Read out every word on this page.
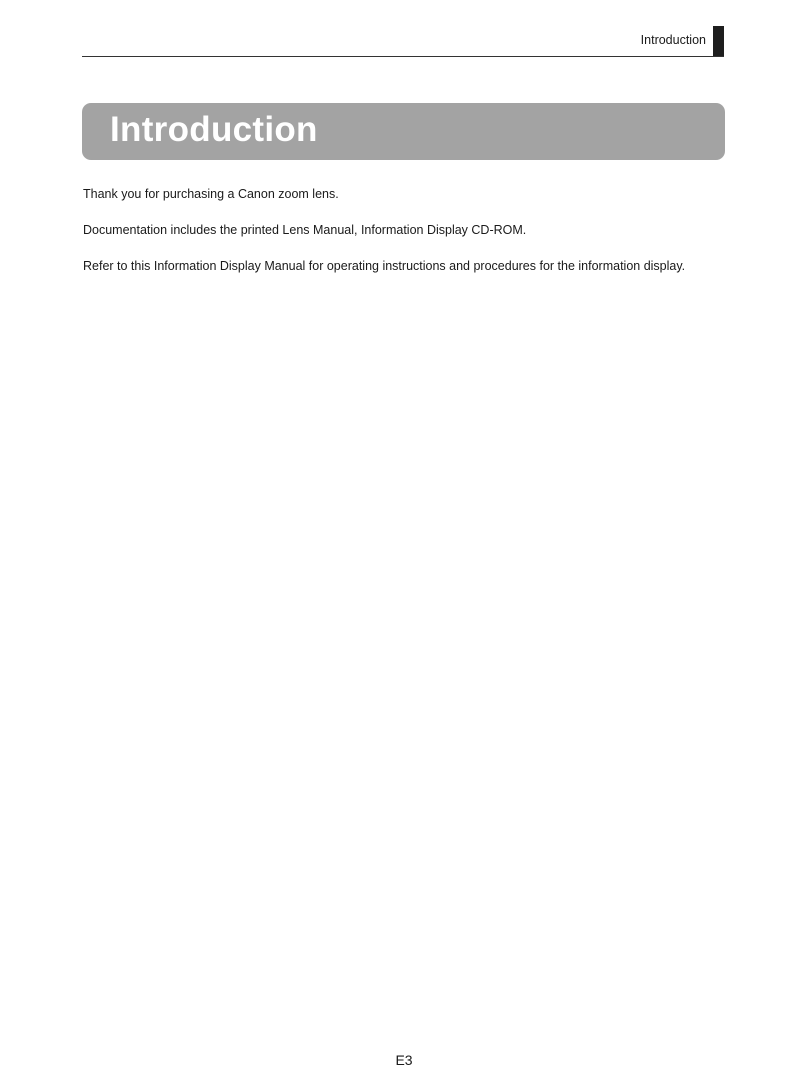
Introduction
Introduction

Thank you for purchasing a Canon zoom lens.

Documentation includes the printed Lens Manual, Information Display CD-ROM.

Refer to this Information Display Manual for operating instructions and procedures for the information display.

E3
